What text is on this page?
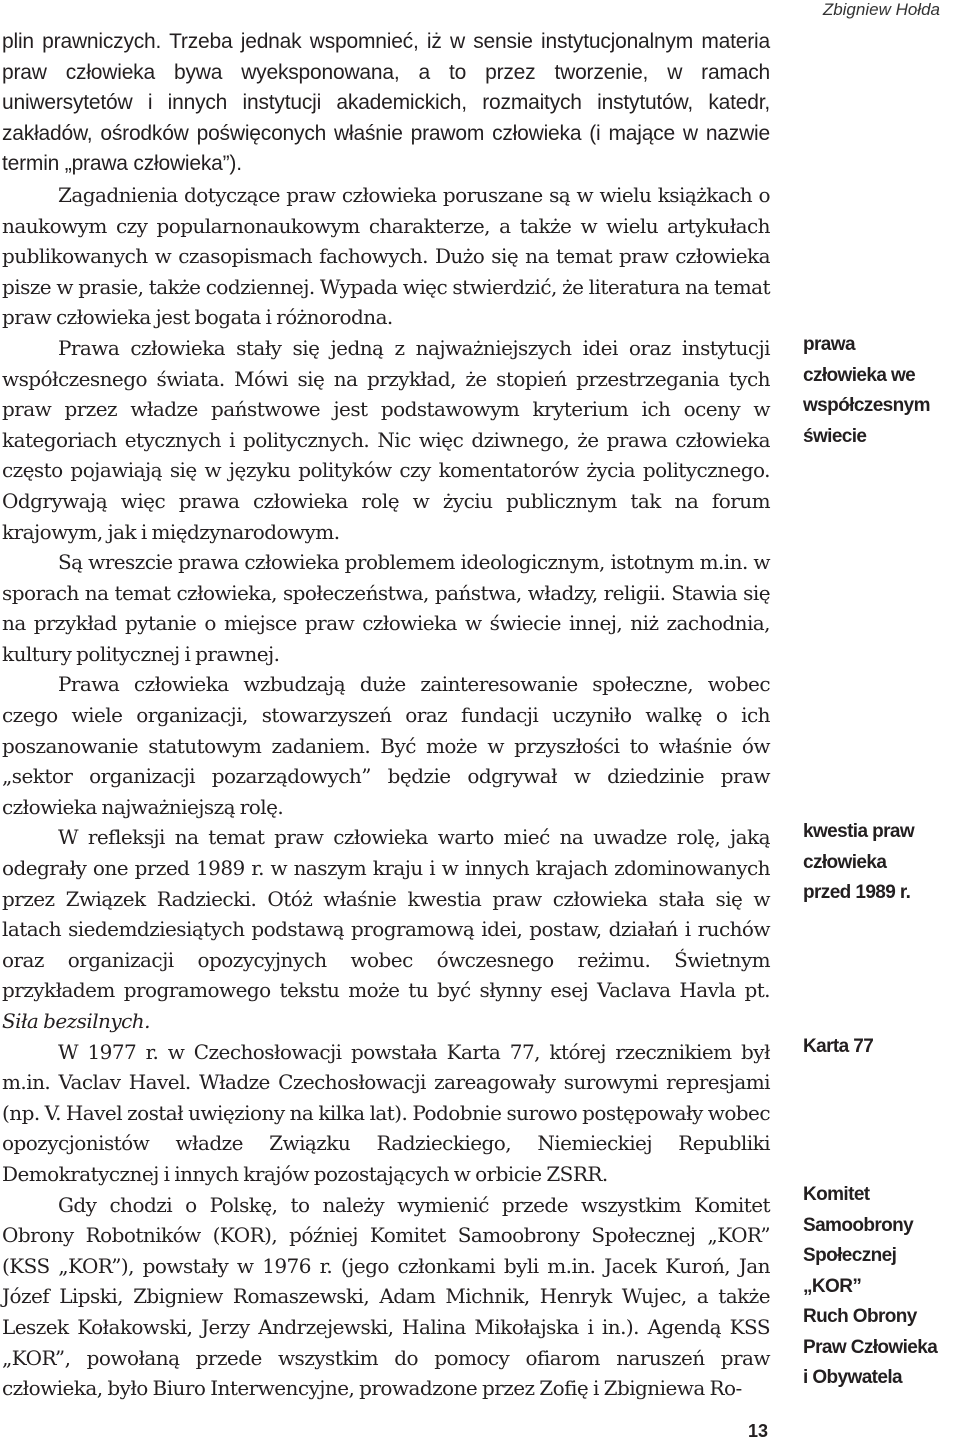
Zbigniew Hołda

plin prawniczych. Trzeba jednak wspomnieć, iż w sensie instytucjonalnym materia praw człowieka bywa wyeksponowana, a to przez tworzenie, w ramach uniwersytetów i innych instytucji akademickich, rozmaitych instytutów, katedr, zakładów, ośrodków poświęconych właśnie prawom człowieka (i mające w nazwie termin „prawa człowieka”).

Zagadnienia dotyczące praw człowieka poruszane są w wielu książkach o naukowym czy popularnonaukowym charakterze, a także w wielu artykułach publikowanych w czasopismach fachowych. Dużo się na temat praw człowieka pisze w prasie, także codziennej. Wypada więc stwierdzić, że literatura na temat praw człowieka jest bogata i różnorodna.

Prawa człowieka stały się jedną z najważniejszych idei oraz instytucji współczesnego świata. Mówi się na przykład, że stopień przestrzegania tych praw przez władze państwowe jest podstawowym kryterium ich oceny w kategoriach etycznych i politycznych. Nic więc dziwnego, że prawa człowieka często pojawiają się w języku polityków czy komentatorów życia politycznego. Odgrywają więc prawa człowieka rolę w życiu publicznym tak na forum krajowym, jak i międzynarodowym.

Są wreszcie prawa człowieka problemem ideologicznym, istotnym m.in. w sporach na temat człowieka, społeczeństwa, państwa, władzy, religii. Stawia się na przykład pytanie o miejsce praw człowieka w świecie innej, niż zachodnia, kultury politycznej i prawnej.

Prawa człowieka wzbudzają duże zainteresowanie społeczne, wobec czego wiele organizacji, stowarzyszeń oraz fundacji uczyniło walkę o ich poszanowanie statutowym zadaniem. Być może w przyszłości to właśnie ów „sektor organizacji pozarządowych” będzie odgrywał w dziedzinie praw człowieka najważniejszą rolę.

W refleksji na temat praw człowieka warto mieć na uwadze rolę, jaką odegrały one przed 1989 r. w naszym kraju i w innych krajach zdominowanych przez Związek Radziecki. Otóż właśnie kwestia praw człowieka stała się w latach siedemdziesiątych podstawą programową idei, postaw, działań i ruchów oraz organizacji opozycyjnych wobec ówczesnego reżimu. Świetnym przykładem programowego tekstu może tu być słynny esej Vaclava Havla pt. Siła bezsilnych.

W 1977 r. w Czechosłowacji powstała Karta 77, której rzecznikiem był m.in. Vaclav Havel. Władze Czechosłowacji zareagowały surowymi represjami (np. V. Havel został uwięziony na kilka lat). Podobnie surowo postępowały wobec opozycjonistów władze Związku Radzieckiego, Niemieckiej Republiki Demokratycznej i innych krajów pozostających w orbicie ZSRR.

Gdy chodzi o Polskę, to należy wymienić przede wszystkim Komitet Obrony Robotników (KOR), później Komitet Samoobrony Społecznej „KOR” (KSS „KOR”), powstały w 1976 r. (jego członkami byli m.in. Jacek Kuroń, Jan Józef Lipski, Zbigniew Romaszewski, Adam Michnik, Henryk Wujec, a także Leszek Kołakowski, Jerzy Andrzejewski, Halina Mikołajska i in.). Agendą KSS „KOR”, powołaną przede wszystkim do pomocy ofiarom naruszeń praw człowieka, było Biuro Interwencyjne, prowadzone przez Zofię i Zbigniewa Ro-

prawa
człowieka we
współczesnym
świecie
kwestia praw
człowieka
przed 1989 r.
Karta 77
Komitet
Samoobrony
Społecznej
„KOR”
Ruch Obrony
Praw Człowieka
i Obywatela

13
